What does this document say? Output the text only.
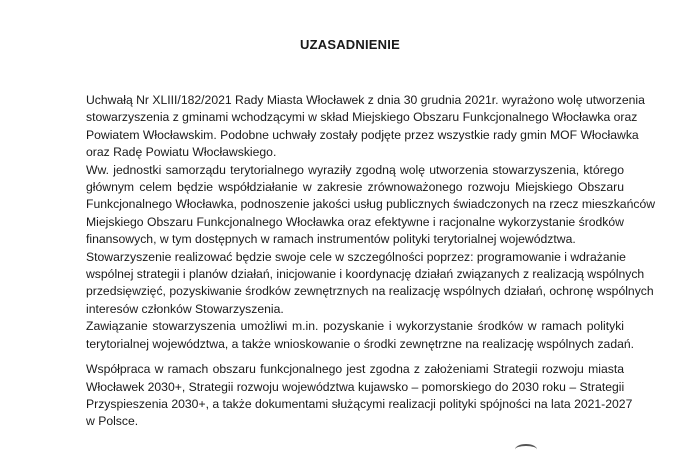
UZASADNIENIE
Uchwałą Nr XLIII/182/2021 Rady Miasta Włocławek z dnia 30 grudnia 2021r. wyrażono wolę utworzenia
stowarzyszenia z gminami wchodzącymi w skład Miejskiego Obszaru Funkcjonalnego Włocławka oraz
Powiatem Włocławskim. Podobne uchwały zostały podjęte przez wszystkie rady gmin MOF Włocławka
oraz Radę Powiatu Włocławskiego.
Ww. jednostki samorządu terytorialnego wyraziły zgodną wolę utworzenia stowarzyszenia, którego
głównym celem będzie współdziałanie w zakresie zrównoważonego rozwoju Miejskiego Obszaru
Funkcjonalnego Włocławka, podnoszenie jakości usług publicznych świadczonych na rzecz mieszkańców
Miejskiego Obszaru Funkcjonalnego Włocławka oraz efektywne i racjonalne wykorzystanie środków
finansowych, w tym dostępnych w ramach instrumentów polityki terytorialnej województwa.
Stowarzyszenie realizować będzie swoje cele w szczególności poprzez: programowanie i wdrażanie
wspólnej strategii i planów działań, inicjowanie i koordynację działań związanych z realizacją wspólnych
przedsięwzięć, pozyskiwanie środków zewnętrznych na realizację wspólnych działań, ochronę wspólnych
interesów członków Stowarzyszenia.
Zawiązanie stowarzyszenia umożliwi m.in. pozyskanie i wykorzystanie środków w ramach polityki
terytorialnej województwa, a także wnioskowanie o środki zewnętrzne na realizację wspólnych zadań.
Współpraca w ramach obszaru funkcjonalnego jest zgodna z założeniami Strategii rozwoju miasta
Włocławek 2030+, Strategii rozwoju województwa kujawsko – pomorskiego do 2030 roku – Strategii
Przyspieszenia 2030+, a także dokumentami służącymi realizacji polityki spójności na lata 2021-2027
w Polsce.
